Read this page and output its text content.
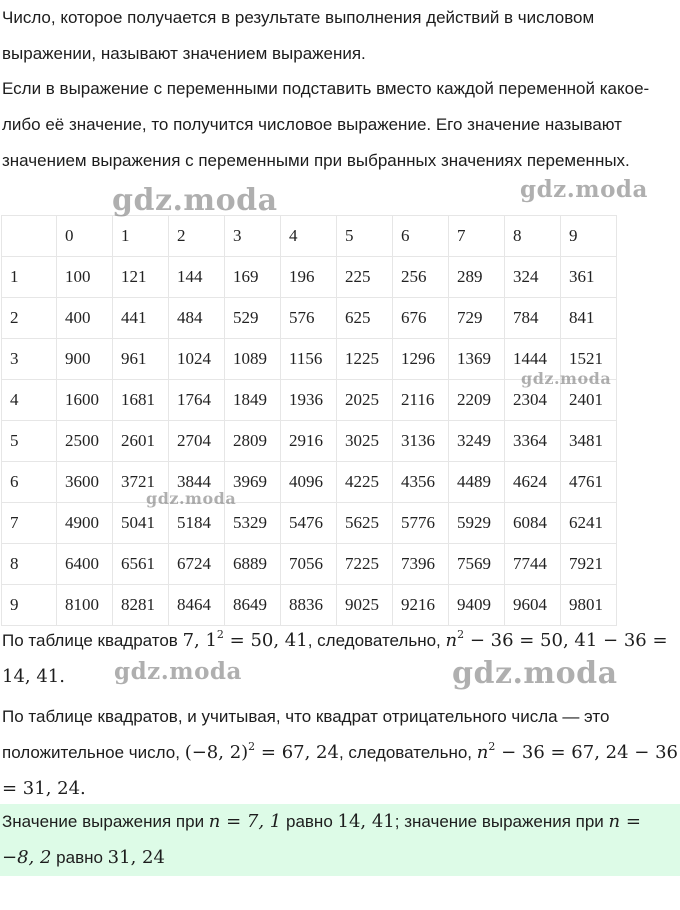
Число, которое получается в результате выполнения действий в числовом выражении, называют значением выражения.

Если в выражение с переменными подставить вместо каждой переменной какое-либо её значение, то получится числовое выражение. Его значение называют значением выражения с переменными при выбранных значениях переменных.

	0	1	2	3	4	5	6	7	8	9
1	100	121	144	169	196	225	256	289	324	361
2	400	441	484	529	576	625	676	729	784	841
3	900	961	1024	1089	1156	1225	1296	1369	1444	1521
4	1600	1681	1764	1849	1936	2025	2116	2209	2304	2401
5	2500	2601	2704	2809	2916	3025	3136	3249	3364	3481
6	3600	3721	3844	3969	4096	4225	4356	4489	4624	4761
7	4900	5041	5184	5329	5476	5625	5776	5929	6084	6241
8	6400	6561	6724	6889	7056	7225	7396	7569	7744	7921
9	8100	8281	8464	8649	8836	9025	9216	9409	9604	9801

По таблице квадратов 7, $1^2 = 50$, 41, следовательно, $n^2 - 36 = 50$, 41 − 36 = 14, 41.

По таблице квадратов, и учитывая, что квадрат отрицательного числа — это положительное число, (−8, 2)$^2$ = 67, 24, следовательно, $n^2 - 36 = 67$, 24 − 36 = 31, 24.

Значение выражения при n = 7, 1 равно 14, 41; значение выражения при n = −8, 2 равно 31, 24

gdz.moda	gdz.moda
gdz.moda
gdz.moda
gdz.moda	gdz.moda
